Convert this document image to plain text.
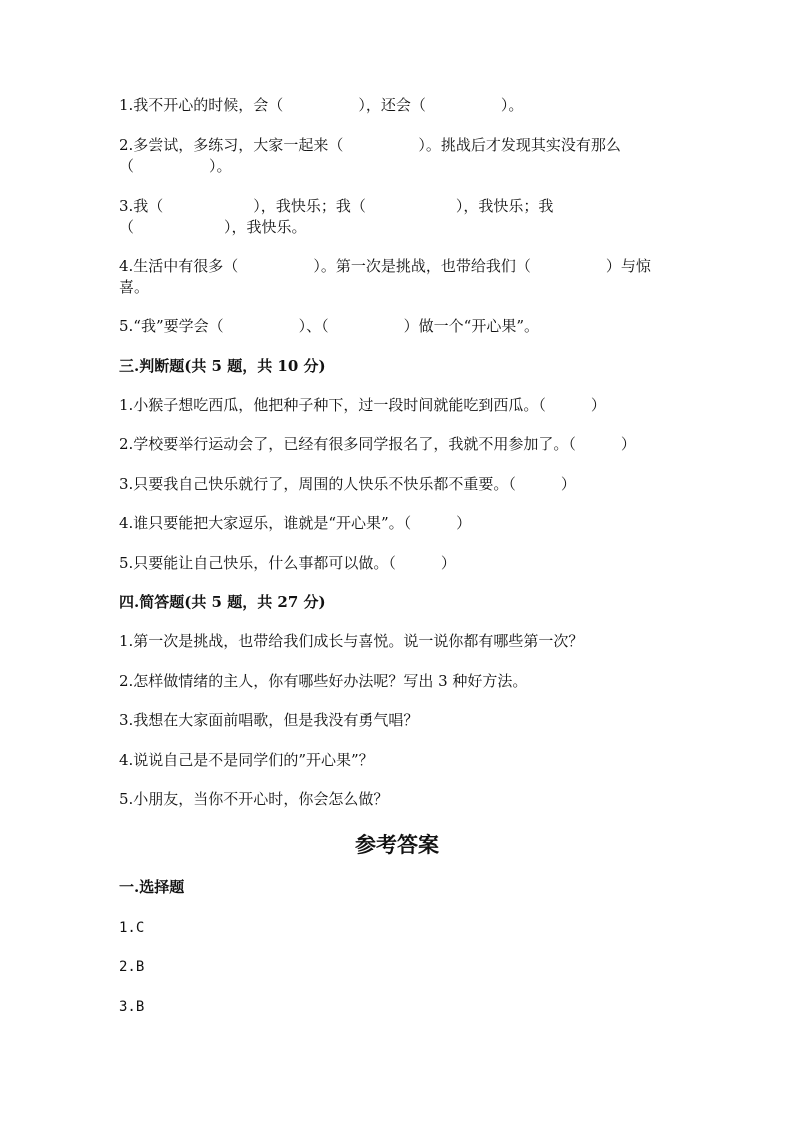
1.我不开心的时候，会（　　　　　），还会（　　　　　）。
2.多尝试，多练习，大家一起来（　　　　　）。挑战后才发现其实没有那么（　　　　　）。
3.我（　　　　　　），我快乐；我（　　　　　　），我快乐；我（　　　　　　），我快乐。
4.生活中有很多（　　　　　）。第一次是挑战，也带给我们（　　　　　）与惊喜。
5.“我”要学会（　　　　　）、（　　　　　）做一个“开心果”。
三.判断题(共 5 题，共 10 分)
1.小猴子想吃西瓜，他把种子种下，过一段时间就能吃到西瓜。（　　　）
2.学校要举行运动会了，已经有很多同学报名了，我就不用参加了。（　　　）
3.只要我自己快乐就行了，周围的人快乐不快乐都不重要。（　　　）
4.谁只要能把大家逗乐，谁就是“开心果”。（　　　）
5.只要能让自己快乐，什么事都可以做。（　　　）
四.简答题(共 5 题，共 27 分)
1.第一次是挑战，也带给我们成长与喜悦。说一说你都有哪些第一次？
2.怎样做情绪的主人，你有哪些好办法呢？写出 3 种好方法。
3.我想在大家面前唱歌，但是我没有勇气唱？
4.说说自己是不是同学们的”开心果”？
5.小朋友，当你不开心时，你会怎么做？
参考答案
一.选择题
1.C
2.B
3.B
